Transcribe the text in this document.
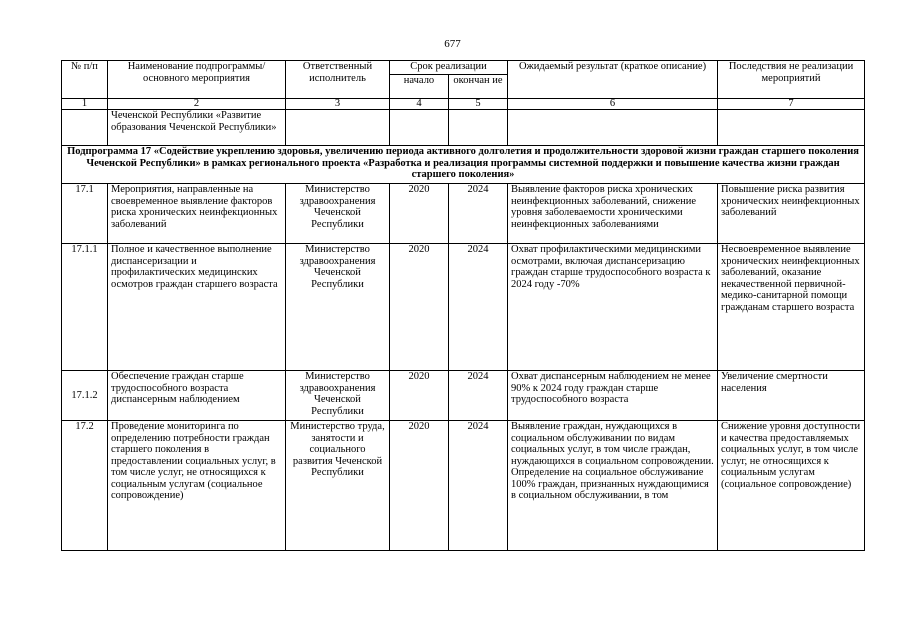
677
№ п/п	Наименование подпрограммы/ основного мероприятия	Ответственный исполнитель	Срок реализации		Ожидаемый результат (краткое описание)	Последствия не реализации мероприятий
			начало	окончан ие		
1	2	3	4	5	6	7
	Чеченской Республики «Развитие образования Чеченской Республики»					
Подпрограмма 17 «Содействие укреплению здоровья, увеличению периода активного долголетия и продолжительности здоровой жизни граждан старшего поколения Чеченской Республики» в рамках регионального проекта «Разработка и реализация программы системной поддержки и повышение качества жизни граждан старшего поколения»						
17.1	Мероприятия, направленные на своевременное выявление факторов риска хронических неинфекционных заболеваний	Министерство здравоохранения Чеченской Республики	2020	2024	Выявление факторов риска хронических неинфекционных заболеваний, снижение уровня заболеваемости хроническими неинфекционных заболеваниями	Повышение риска развития хронических неинфекционных заболеваний
17.1.1	Полное и качественное выполнение диспансеризации и профилактических медицинских осмотров граждан старшего возраста	Министерство здравоохранения Чеченской Республики	2020	2024	Охват профилактическими медицинскими осмотрами, включая диспансеризацию граждан старше трудоспособного возраста к 2024 году -70%	Несвоевременное выявление хронических неинфекционных заболеваний, оказание некачественной первичной-медико-санитарной помощи гражданам старшего возраста
17.1.2	Обеспечение граждан старше трудоспособного возраста диспансерным наблюдением	Министерство здравоохранения Чеченской Республики	2020	2024	Охват диспансерным наблюдением не менее 90% к 2024 году граждан старше трудоспособного возраста	Увеличение смертности населения
17.2	Проведение мониторинга по определению потребности граждан старшего поколения в предоставлении социальных услуг, в том числе услуг, не относящихся к социальным услугам (социальное сопровождение)	Министерство труда, занятости и социального развития Чеченской Республики	2020	2024	Выявление граждан, нуждающихся в социальном обслуживании по видам социальных услуг, в том числе граждан, нуждающихся в социальном сопровождении. Определение на социальное обслуживание 100% граждан, признанных нуждающимися в социальном обслуживании, в том	Снижение уровня доступности и качества предоставляемых социальных услуг, в том числе услуг, не относящихся к социальным услугам (социальное сопровождение)
